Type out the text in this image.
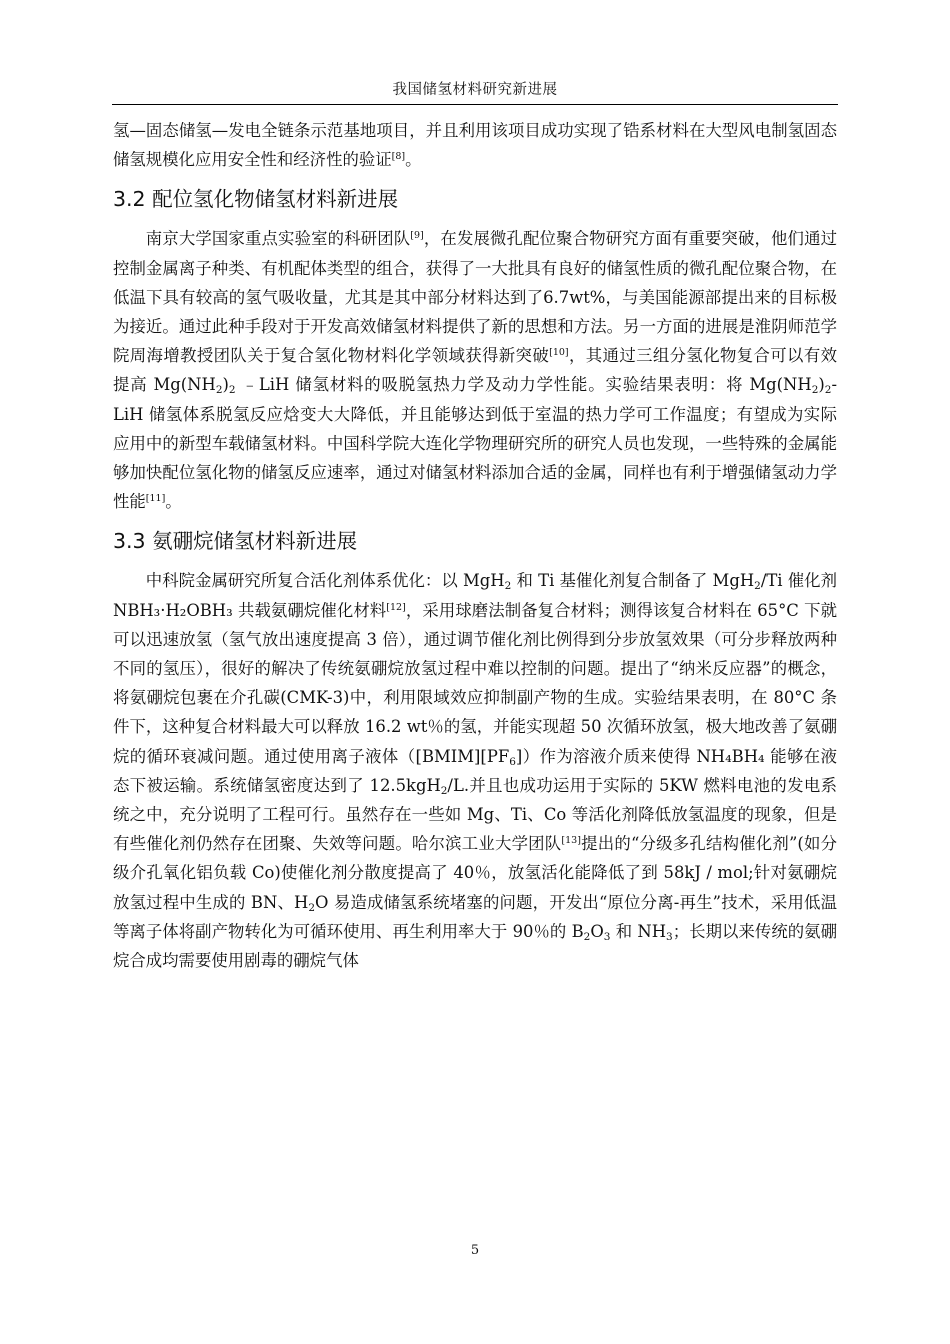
我国储氢材料研究新进展

氢—固态储氢—发电全链条示范基地项目，并且利用该项目成功实现了锆系材料在大型风电制氢固态储氢规模化应用安全性和经济性的验证[8]。

3.2 配位氢化物储氢材料新进展

南京大学国家重点实验室的科研团队[9]，在发展微孔配位聚合物研究方面有重要突破，他们通过控制金属离子种类、有机配体类型的组合，获得了一大批具有良好的储氢性质的微孔配位聚合物，在低温下具有较高的氢气吸收量，尤其是其中部分材料达到了6.7wt%，与美国能源部提出来的目标极为接近。通过此种手段对于开发高效储氢材料提供了新的思想和方法。另一方面的进展是淮阴师范学院周海增教授团队关于复合氢化物材料化学领域获得新突破[10]，其通过三组分氢化物复合可以有效提高 $Mg(NH_2)_2$ ﹣LiH 储氢材料的吸脱氢热力学及动力学性能。实验结果表明：将 $Mg(NH_2)_2$-LiH 储氢体系脱氢反应焓变大大降低，并且能够达到低于室温的热力学可工作温度；有望成为实际应用中的新型车载储氢材料。中国科学院大连化学物理研究所的研究人员也发现，一些特殊的金属能够加快配位氢化物的储氢反应速率，通过对储氢材料添加合适的金属，同样也有利于增强储氢动力学性能[11]。

3.3 氨硼烷储氢材料新进展

中科院金属研究所复合活化剂体系优化：以 MgH$_2$ 和 Ti 基催化剂复合制备了 MgH$_2$/Ti 催化剂 NBH₃·H₂OBH₃ 共载氨硼烷催化材料[12]，采用球磨法制备复合材料；测得该复合材料在 65°C 下就可以迅速放氢（氢气放出速度提高 3 倍），通过调节催化剂比例得到分步放氢效果（可分步释放两种不同的氢压），很好的解决了传统氨硼烷放氢过程中难以控制的问题。提出了“纳米反应器”的概念，将氨硼烷包裹在介孔碳(CMK-3)中，利用限域效应抑制副产物的生成。实验结果表明，在 80°C 条件下，这种复合材料最大可以释放 16.2 wt％的氢，并能实现超 50 次循环放氢，极大地改善了氨硼烷的循环衰减问题。通过使用离子液体$([BMIM][PF_6])$作为溶液介质来使得 NH₄BH₄ 能够在液态下被运输。系统储氢密度达到了 12.5kgH$_2$/L.并且也成功运用于实际的 5KW 燃料电池的发电系统之中，充分说明了工程可行。虽然存在一些如 Mg、Ti、Co 等活化剂降低放氢温度的现象，但是有些催化剂仍然存在团聚、失效等问题。哈尔滨工业大学团队[13]提出的“分级多孔结构催化剂”(如分级介孔氧化铝负载 Co)使催化剂分散度提高了 40％，放氢活化能降低了到 58kJ / mol;针对氨硼烷放氢过程中生成的 BN、$H_2O$ 易造成储氢系统堵塞的问题，开发出“原位分离-再生”技术，采用低温等离子体将副产物转化为可循环使用、再生利用率大于 90％的 $B_2O_3$ 和 $NH_3$；长期以来传统的氨硼烷合成均需要使用剧毒的硼烷气体

5
